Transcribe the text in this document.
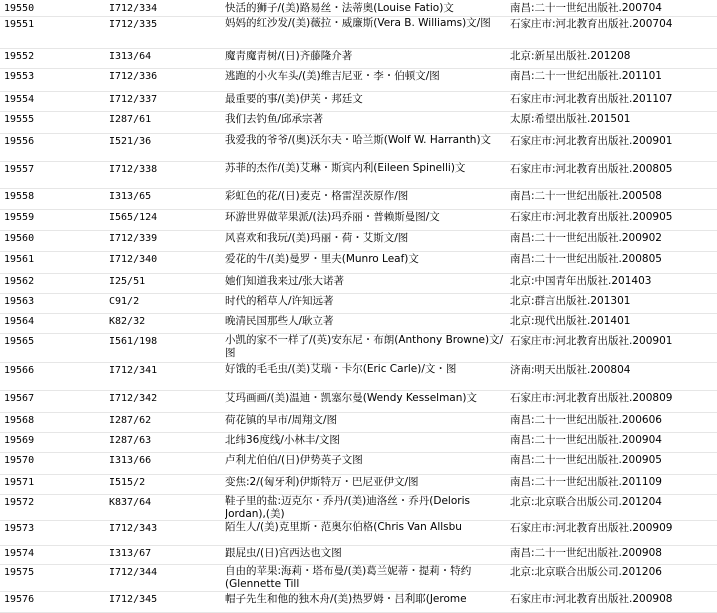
19550	I712/334	快活的狮子/(美)路易丝・法蒂奥(Louise Fatio)文	南昌:二十一世纪出版社.200704
19551	I712/335	妈妈的红沙发/(美)薇拉・威廉斯(Vera B. Williams)文/图	石家庄市:河北教育出版社.200704
19552	I313/64	魔靑魔靑树/(日)齐藤隆介著	北京:新星出版社.201208
19553	I712/336	逃跑的小火车头/(美)维吉尼亚・李・伯顿文/图	南昌:二十一世纪出版社.201101
19554	I712/337	最重要的事/(美)伊芙・邦廷文	石家庄市:河北教育出版社.201107
19555	I287/61	我们去钓鱼/邱承宗著	太原:希望出版社.201501
19556	I521/36	我爱我的爷爷/(奥)沃尔夫・哈兰斯(Wolf W. Harranth)文	石家庄市:河北教育出版社.200901
19557	I712/338	苏菲的杰作/(美)艾琳・斯宾内利(Eileen Spinelli)文	石家庄市:河北教育出版社.200805
19558	I313/65	彩虹色的花/(日)麦克・格雷涅茨原作/图	南昌:二十一世纪出版社.200508
19559	I565/124	环游世界做苹果派/(法)玛乔丽・普赖斯曼图/文	石家庄市:河北教育出版社.200905
19560	I712/339	风喜欢和我玩/(美)玛丽・荷・艾斯文/图	南昌:二十一世纪出版社.200902
19561	I712/340	爱花的牛/(美)曼罗・里夫(Munro Leaf)文	南昌:二十一世纪出版社.200805
19562	I25/51	她们知道我来过/张大诺著	北京:中国青年出版社.201403
19563	C91/2	时代的稻草人/许知远著	北京:群言出版社.201301
19564	K82/32	晚清民国那些人/耿立著	北京:现代出版社.201401
19565	I561/198	小凯的家不一样了/(英)安东尼・布朗(Anthony Browne)文/图
石家庄市:河北教育出版社.200901
19566	I712/341	好饿的毛毛虫/(美)艾瑞・卡尔(Eric Carle)/文・图	济南:明天出版社.200804
19567	I712/342	艾玛画画/(美)温迪・凯塞尔曼(Wendy Kesselman)文	石家庄市:河北教育出版社.200809
19568	I287/62	荷花镇的早市/周翔文/图	南昌:二十一世纪出版社.200606
19569	I287/63	北纬36度线/小林丰/文图	南昌:二十一世纪出版社.200904
19570	I313/66	卢利尤伯伯/(日)伊势英子文图	南昌:二十一世纪出版社.200905
19571	I515/2	变焦:2/(匈牙利)伊斯特万・巴尼亚伊文/图	南昌:二十一世纪出版社.201109
19572	K837/64	鞋子里的盐:迈克尔・乔丹/(美)迪洛丝・乔丹(Deloris Jordan),(美)
北京:北京联合出版公司.201204
19573	I712/343	陌生人/(美)克里斯・范奥尔伯格(Chris Van Allsbu	石家庄市:河北教育出版社.200909
19574	I313/67	跟屁虫/(日)宫西达也文图	南昌:二十一世纪出版社.200908
19575	I712/344	自由的苹果:海莉・塔布曼/(美)葛兰妮蒂・提莉・特约(Glennette Till
北京:北京联合出版公司.201206
19576	I712/345	帽子先生和他的独木舟/(美)热罗姆・吕利耶(Jerome	石家庄市:河北教育出版社.200908
